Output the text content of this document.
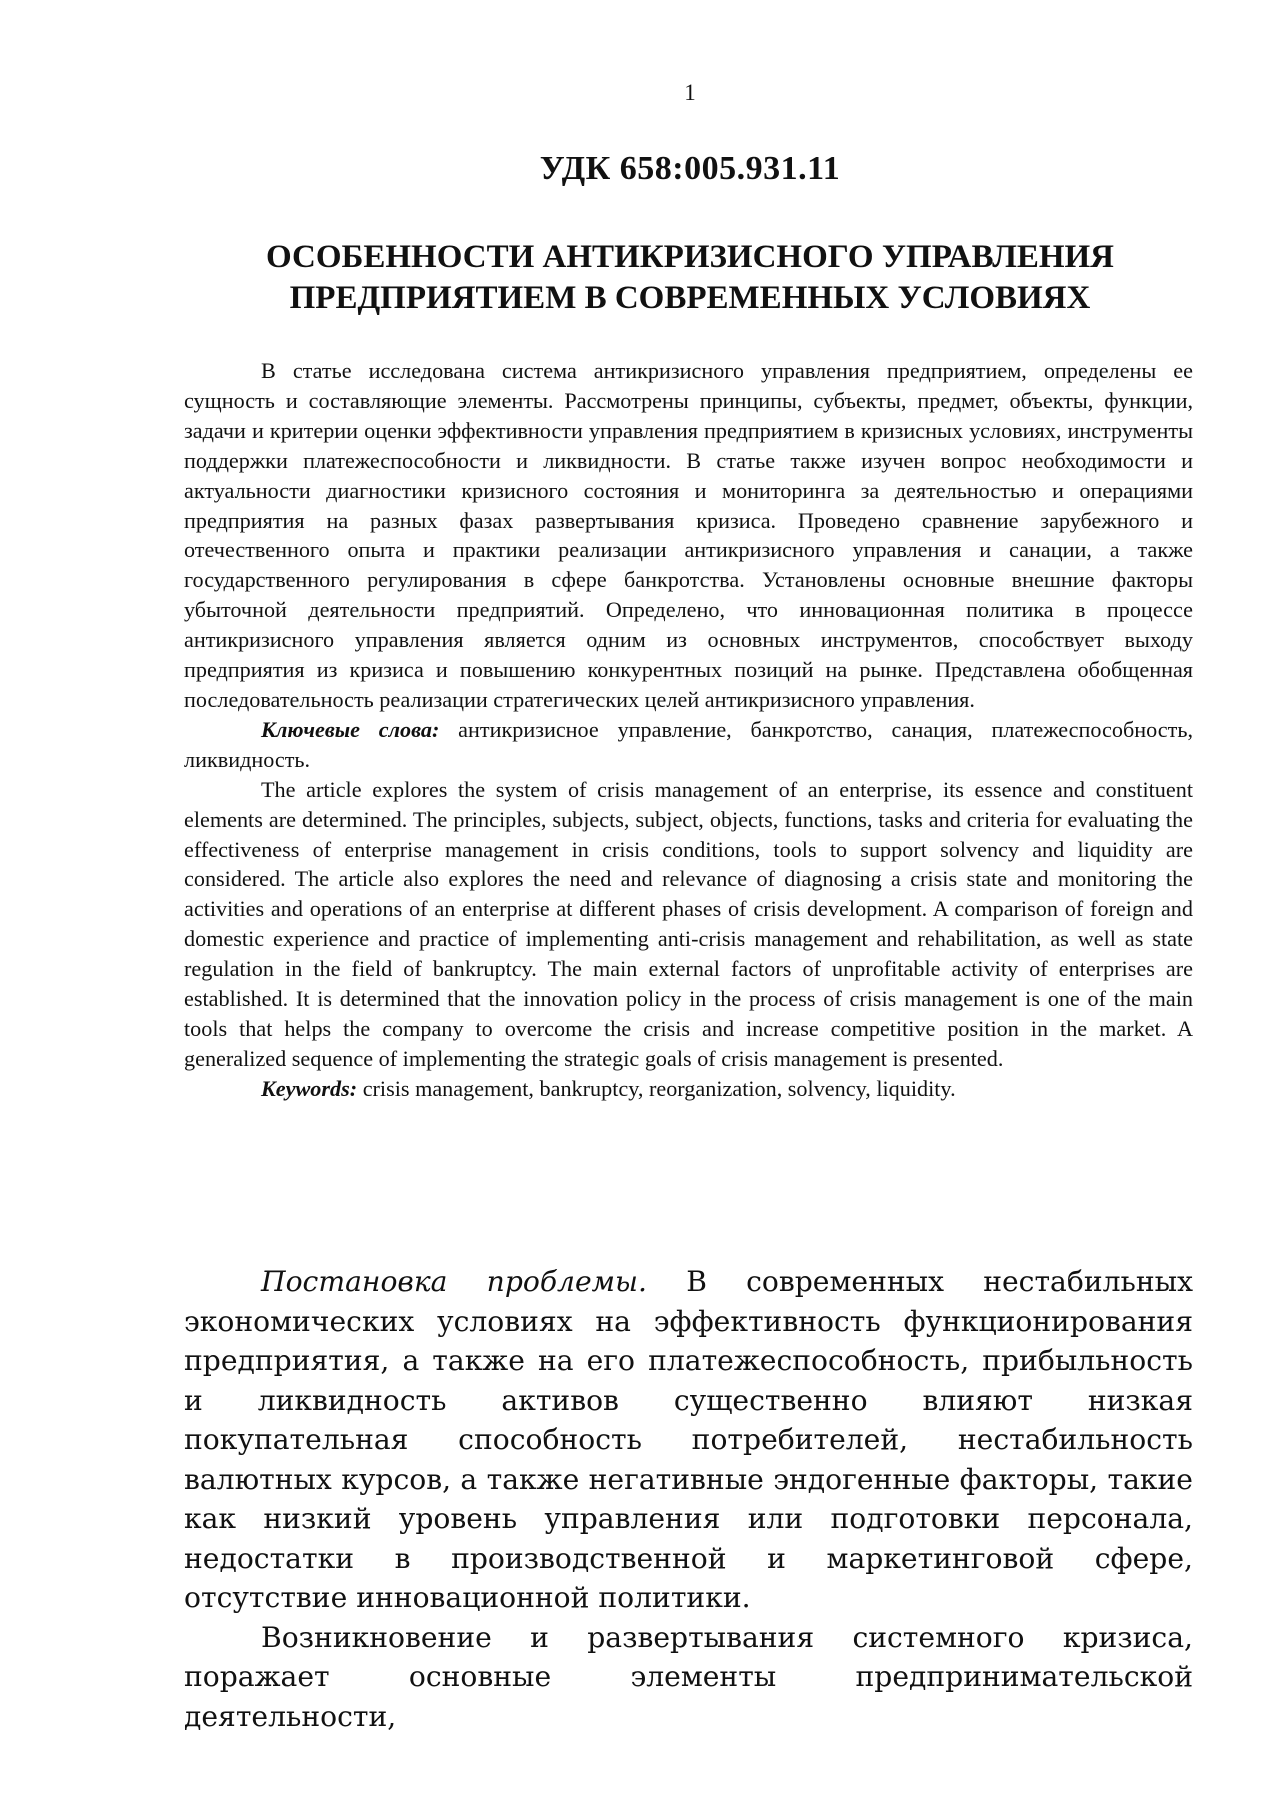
1
УДК 658:005.931.11
ОСОБЕННОСТИ АНТИКРИЗИСНОГО УПРАВЛЕНИЯ
ПРЕДПРИЯТИЕМ В СОВРЕМЕННЫХ УСЛОВИЯХ

В статье исследована система антикризисного управления предприятием, определены ее сущность и составляющие элементы. Рассмотрены принципы, субъекты, предмет, объекты, функции, задачи и критерии оценки эффективности управления предприятием в кризисных условиях, инструменты поддержки платежеспособности и ликвидности. В статье также изучен вопрос необходимости и актуальности диагностики кризисного состояния и мониторинга за деятельностью и операциями предприятия на разных фазах развертывания кризиса. Проведено сравнение зарубежного и отечественного опыта и практики реализации антикризисного управления и санации, а также государственного регулирования в сфере банкротства. Установлены основные внешние факторы убыточной деятельности предприятий. Определено, что инновационная политика в процессе антикризисного управления является одним из основных инструментов, способствует выходу предприятия из кризиса и повышению конкурентных позиций на рынке. Представлена обобщенная последовательность реализации стратегических целей антикризисного управления.

Ключевые слова: антикризисное управление, банкротство, санация, платежеспособность, ликвидность.

The article explores the system of crisis management of an enterprise, its essence and constituent elements are determined. The principles, subjects, subject, objects, functions, tasks and criteria for evaluating the effectiveness of enterprise management in crisis conditions, tools to support solvency and liquidity are considered. The article also explores the need and relevance of diagnosing a crisis state and monitoring the activities and operations of an enterprise at different phases of crisis development. A comparison of foreign and domestic experience and practice of implementing anti-crisis management and rehabilitation, as well as state regulation in the field of bankruptcy. The main external factors of unprofitable activity of enterprises are established. It is determined that the innovation policy in the process of crisis management is one of the main tools that helps the company to overcome the crisis and increase competitive position in the market. A generalized sequence of implementing the strategic goals of crisis management is presented.

Keywords: crisis management, bankruptcy, reorganization, solvency, liquidity.

Постановка проблемы. В современных нестабильных экономических условиях на эффективность функционирования предприятия, а также на его платежеспособность, прибыльность и ликвидность активов существенно влияют низкая покупательная способность потребителей, нестабильность валютных курсов, а также негативные эндогенные факторы, такие как низкий уровень управления или подготовки персонала, недостатки в производственной и маркетинговой сфере, отсутствие инновационной политики.

Возникновение и развертывания системного кризиса, поражает основные элементы предпринимательской деятельности,
